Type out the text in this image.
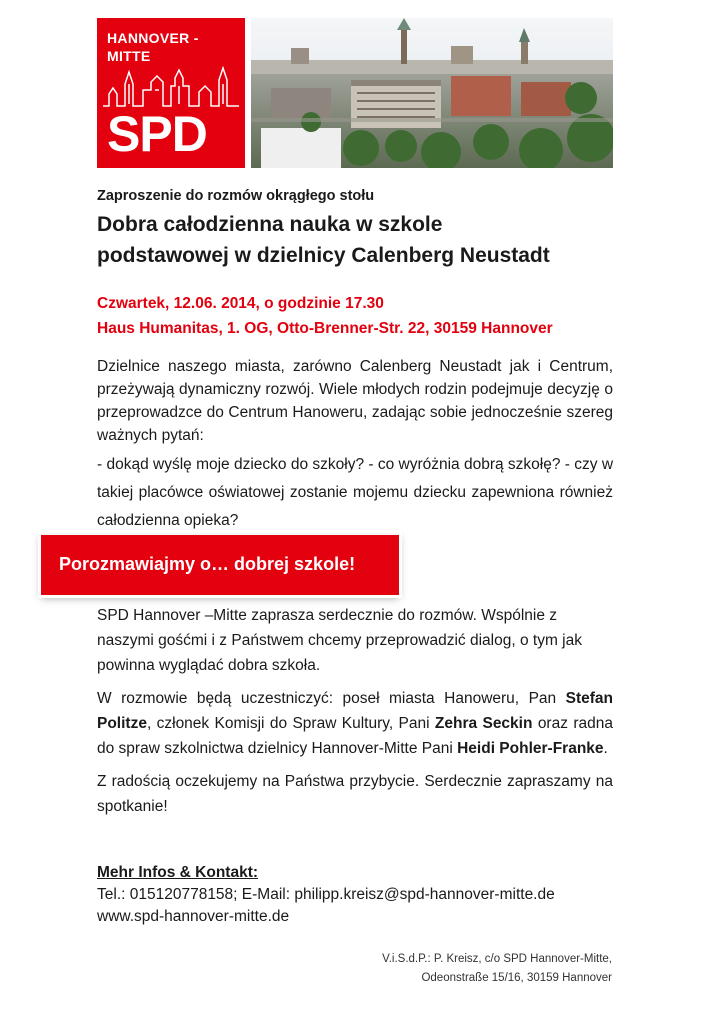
HANNOVER -
MITTE
SPD

Zaproszenie do rozmów okrągłego stołu

Dobra całodzienna nauka w szkole

podstawowej w dzielnicy Calenberg Neustadt

Czwartek, 12.06. 2014, o godzinie 17.30

Haus Humanitas, 1. OG, Otto-Brenner-Str. 22, 30159 Hannover

Dzielnice naszego miasta, zarówno Calenberg Neustadt jak i Centrum, przeżywają dynamiczny rozwój. Wiele młodych rodzin podejmuje decyzję o przeprowadzce do Centrum Hanoweru, zadając sobie jednocześnie szereg ważnych pytań:

- dokąd wyślę moje dziecko do szkoły? - co wyróżnia dobrą szkołę? - czy w takiej placówce oświatowej zostanie mojemu dziecku zapewniona również całodzienna opieka?

Porozmawiajmy o… dobrej szkole!

SPD Hannover –Mitte zaprasza serdecznie do rozmów. Wspólnie z naszymi gośćmi i z Państwem chcemy przeprowadzić dialog, o tym jak powinna wyglądać dobra szkoła.

W rozmowie będą uczestniczyć: poseł miasta Hanoweru, Pan Stefan Politze, członek Komisji do Spraw Kultury, Pani Zehra Seckin oraz radna do spraw szkolnictwa dzielnicy Hannover-Mitte Pani Heidi Pohler-Franke.

Z radością oczekujemy na Państwa przybycie. Serdecznie zapraszamy na spotkanie!

Mehr Infos & Kontakt:
Tel.: 015120778158; E-Mail: philipp.kreisz@spd-hannover-mitte.de
www.spd-hannover-mitte.de
V.i.S.d.P.: P. Kreisz, c/o SPD Hannover-Mitte,
Odeonstraße 15/16, 30159 Hannover
